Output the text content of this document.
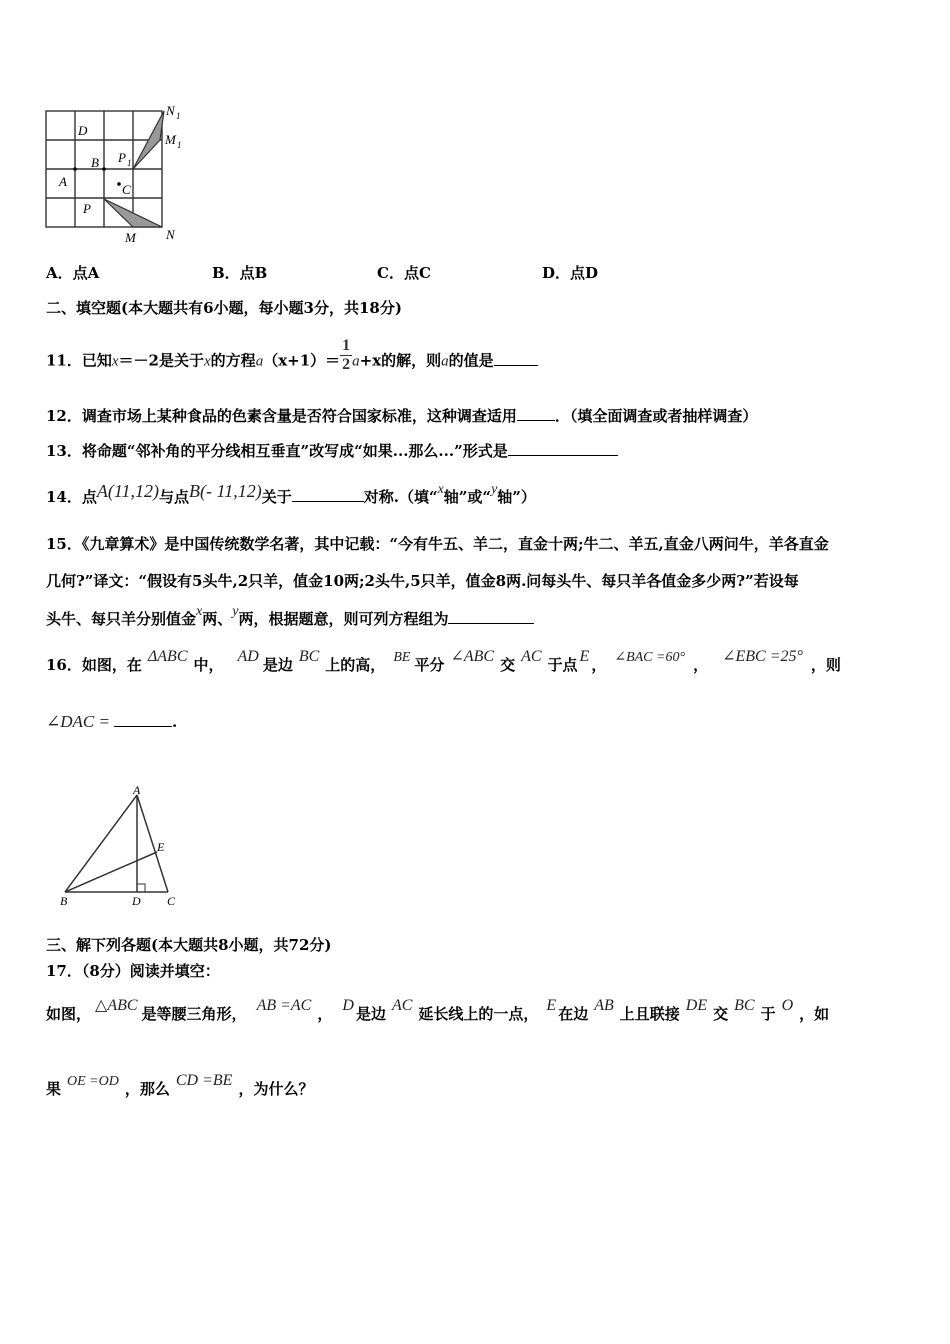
D
B P 1
A
C
P
M N
N 1
M 1
A．点A	B．点B	C．点C	D．点D
二、填空题(本大题共有6小题，每小题3分，共18分)
11．已知x＝－2是关于x的方程$a(x+1)= \frac{1}{2} a+x$的解，则a的值是
12．调查市场上某种食品的色素含量是否符合国家标准，这种调查适用	．（填全面调查或者抽样调查）
13．将命题“邻补角的平分线相互垂直”改写成“如果...那么...”形式是
14．点A(11,12)与点B(- 11,12)关于	对称.（填“x轴”或“y轴”）
15．《九章算术》是中国传统数学名著，其中记载：“今有牛五、羊二，直金十两;牛二、羊五,直金八两问牛，羊各直金
几何?”译文：“假设有5头牛,2只羊，值金10两;2头牛,5只羊，值金8两.问每头牛、每只羊各值金多少两?”若设每
头牛、每只羊分别值金x两、y两，根据题意，则可列方程组为
16．如图，在 ΔABC 中， AD 是边 BC 上的高， BE 平分 ∠ABC 交 AC 于点 E ， ∠BAC =60° ， ∠EBC =25° ，则
∠DAC =	.
A
E
B	D C
三、解下列各题(本大题共8小题，共72分)
17．（8分）阅读并填空：
如图， △ABC 是等腰三角形， AB =AC ， D 是边 AC 延长线上的一点， E 在边 AB 上且联接 DE 交 BC 于 O ，如
果 OE =OD ，那么 CD =BE ，为什么？
